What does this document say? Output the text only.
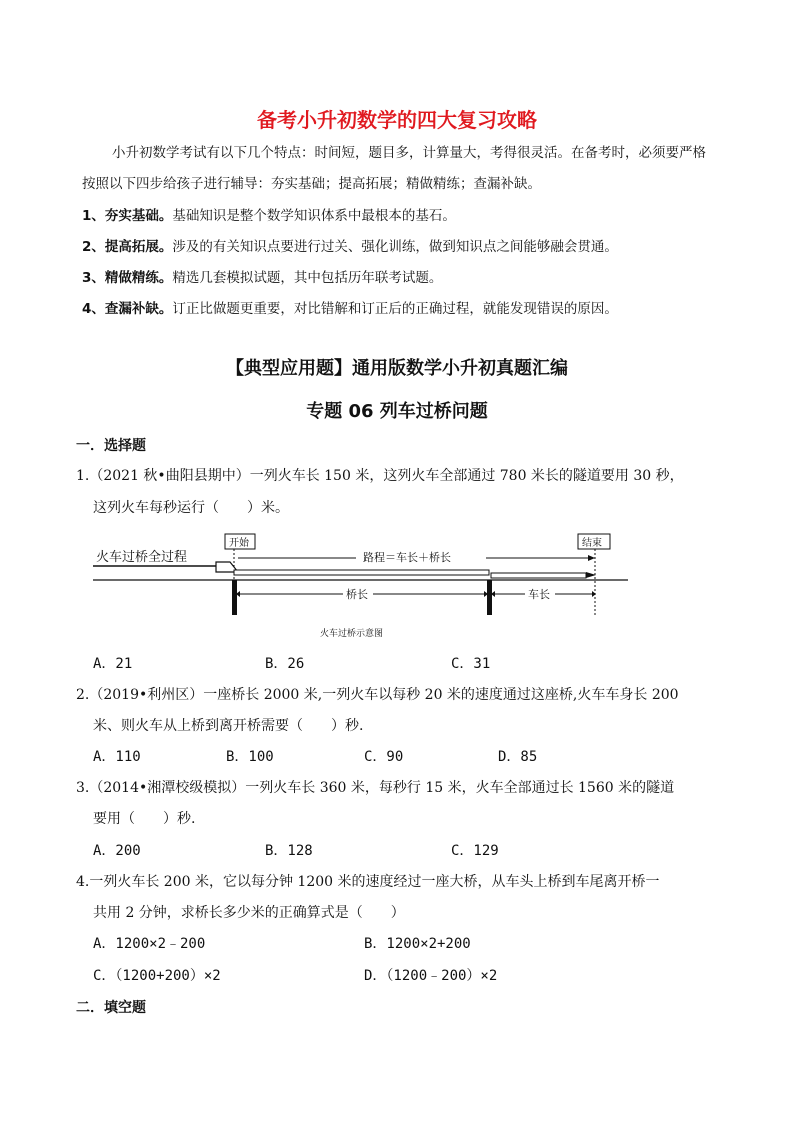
备考小升初数学的四大复习攻略
小升初数学考试有以下几个特点：时间短，题目多，计算量大，考得很灵活。在备考时，必须要严格
按照以下四步给孩子进行辅导：夯实基础；提高拓展；精做精练；查漏补缺。
1、夯实基础。基础知识是整个数学知识体系中最根本的基石。
2、提高拓展。涉及的有关知识点要进行过关、强化训练，做到知识点之间能够融会贯通。
3、精做精练。精选几套模拟试题，其中包括历年联考试题。
4、查漏补缺。订正比做题更重要，对比错解和订正后的正确过程，就能发现错误的原因。
【典型应用题】通用版数学小升初真题汇编
专题 06 列车过桥问题
一．选择题
1.（2021 秋•曲阳县期中）一列火车长 150 米，这列火车全部通过 780 米长的隧道要用 30 秒，
这列火车每秒运行（　　）米。
火车过桥全过程
开始	结束
路程＝车长＋桥长
桥长	车长
火车过桥示意图
A．21	B．26	C．31
2.（2019•利州区）一座桥长 2000 米,一列火车以每秒 20 米的速度通过这座桥,火车车身长 200
米、则火车从上桥到离开桥需要（　　）秒.
A．110	B．100	C．90	D．85
3.（2014•湘潭校级模拟）一列火车长 360 米，每秒行 15 米，火车全部通过长 1560 米的隧道
要用（　　）秒.
A．200	B．128	C．129
4.一列火车长 200 米，它以每分钟 1200 米的速度经过一座大桥，从车头上桥到车尾离开桥一
共用 2 分钟，求桥长多少米的正确算式是（　　）
A．1200×2﹣200	B．1200×2+200
C．（1200+200）×2	D．（1200﹣200）×2
二．填空题
